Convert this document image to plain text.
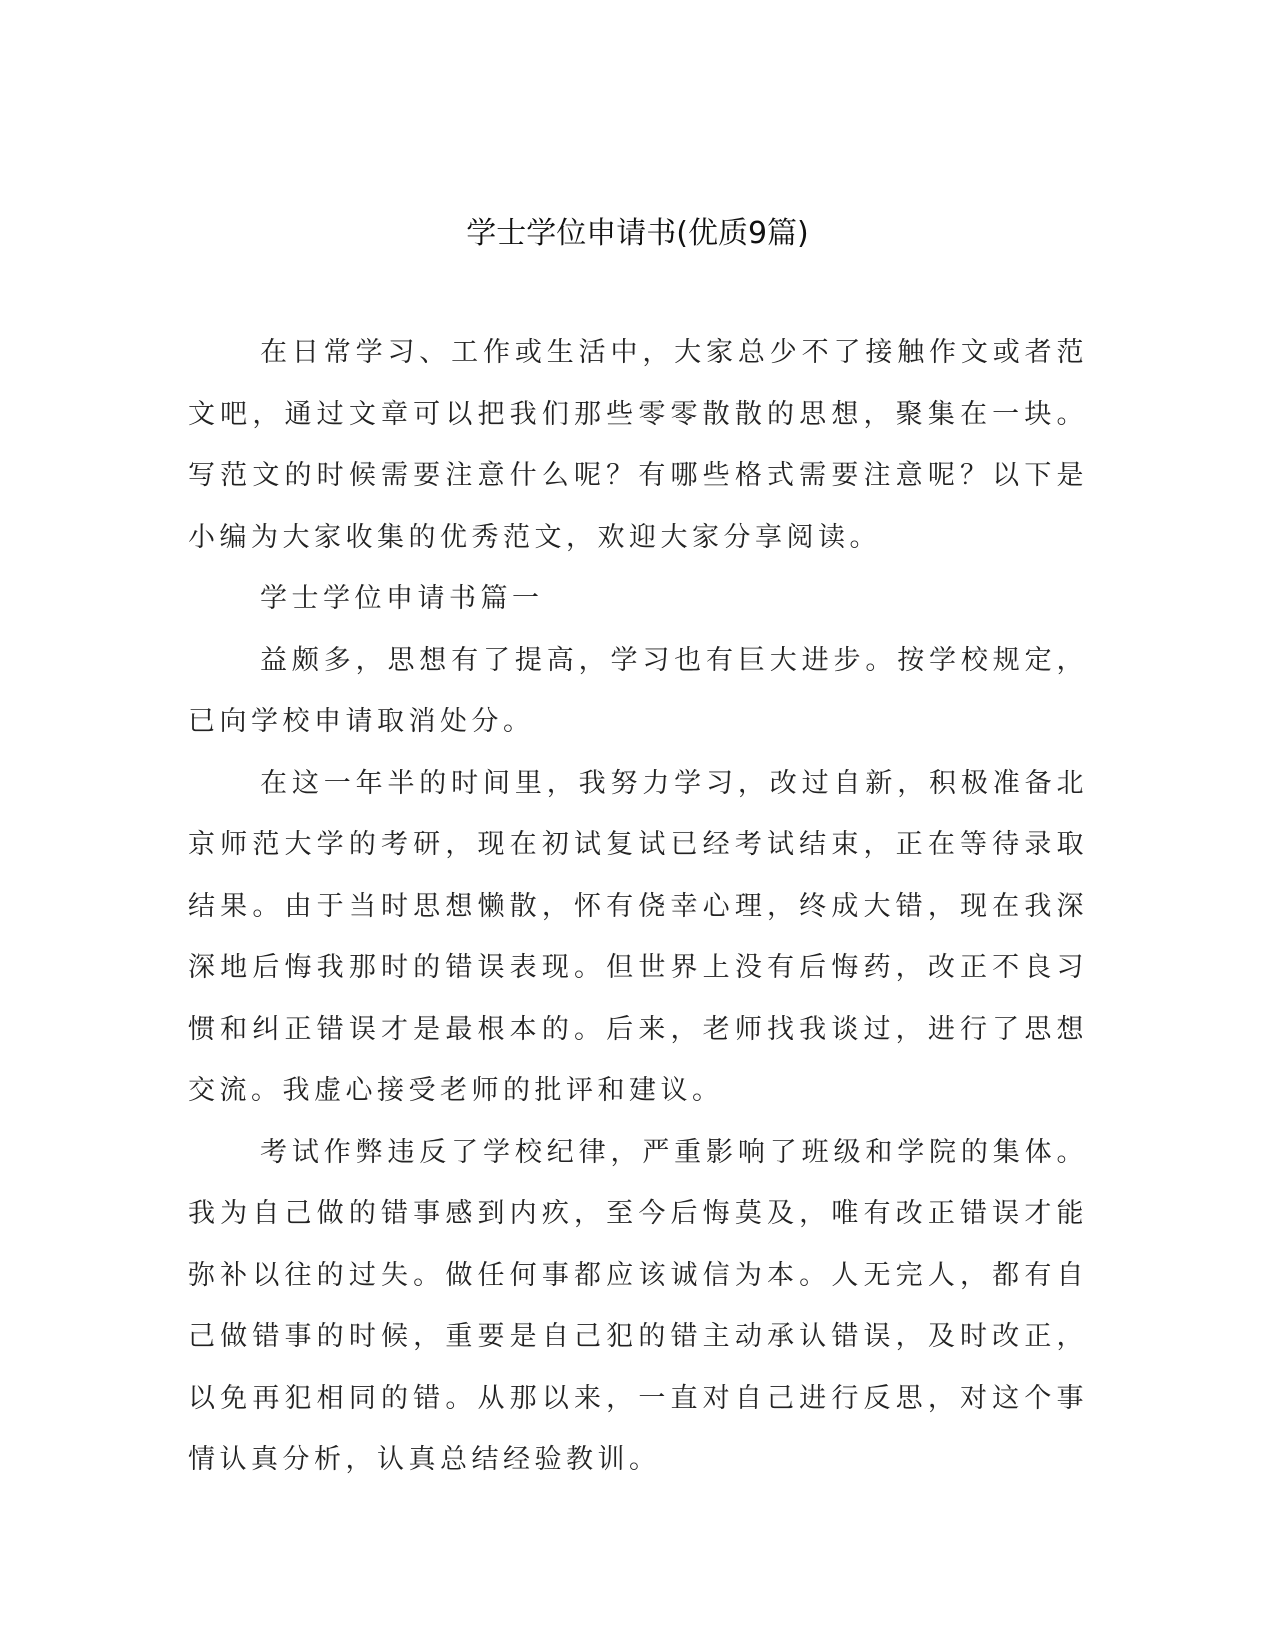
学士学位申请书(优质9篇)

在日常学习、工作或生活中，大家总少不了接触作文或者范文吧，通过文章可以把我们那些零零散散的思想，聚集在一块。写范文的时候需要注意什么呢？有哪些格式需要注意呢？以下是小编为大家收集的优秀范文，欢迎大家分享阅读。

学士学位申请书篇一

益颇多，思想有了提高，学习也有巨大进步。按学校规定，已向学校申请取消处分。

在这一年半的时间里，我努力学习，改过自新，积极准备北京师范大学的考研，现在初试复试已经考试结束，正在等待录取结果。由于当时思想懒散，怀有侥幸心理，终成大错，现在我深深地后悔我那时的错误表现。但世界上没有后悔药，改正不良习惯和纠正错误才是最根本的。后来，老师找我谈过，进行了思想交流。我虚心接受老师的批评和建议。

考试作弊违反了学校纪律，严重影响了班级和学院的集体。我为自己做的错事感到内疚，至今后悔莫及，唯有改正错误才能弥补以往的过失。做任何事都应该诚信为本。人无完人，都有自己做错事的时候，重要是自己犯的错主动承认错误，及时改正，以免再犯相同的错。从那以来，一直对自己进行反思，对这个事情认真分析，认真总结经验教训。
